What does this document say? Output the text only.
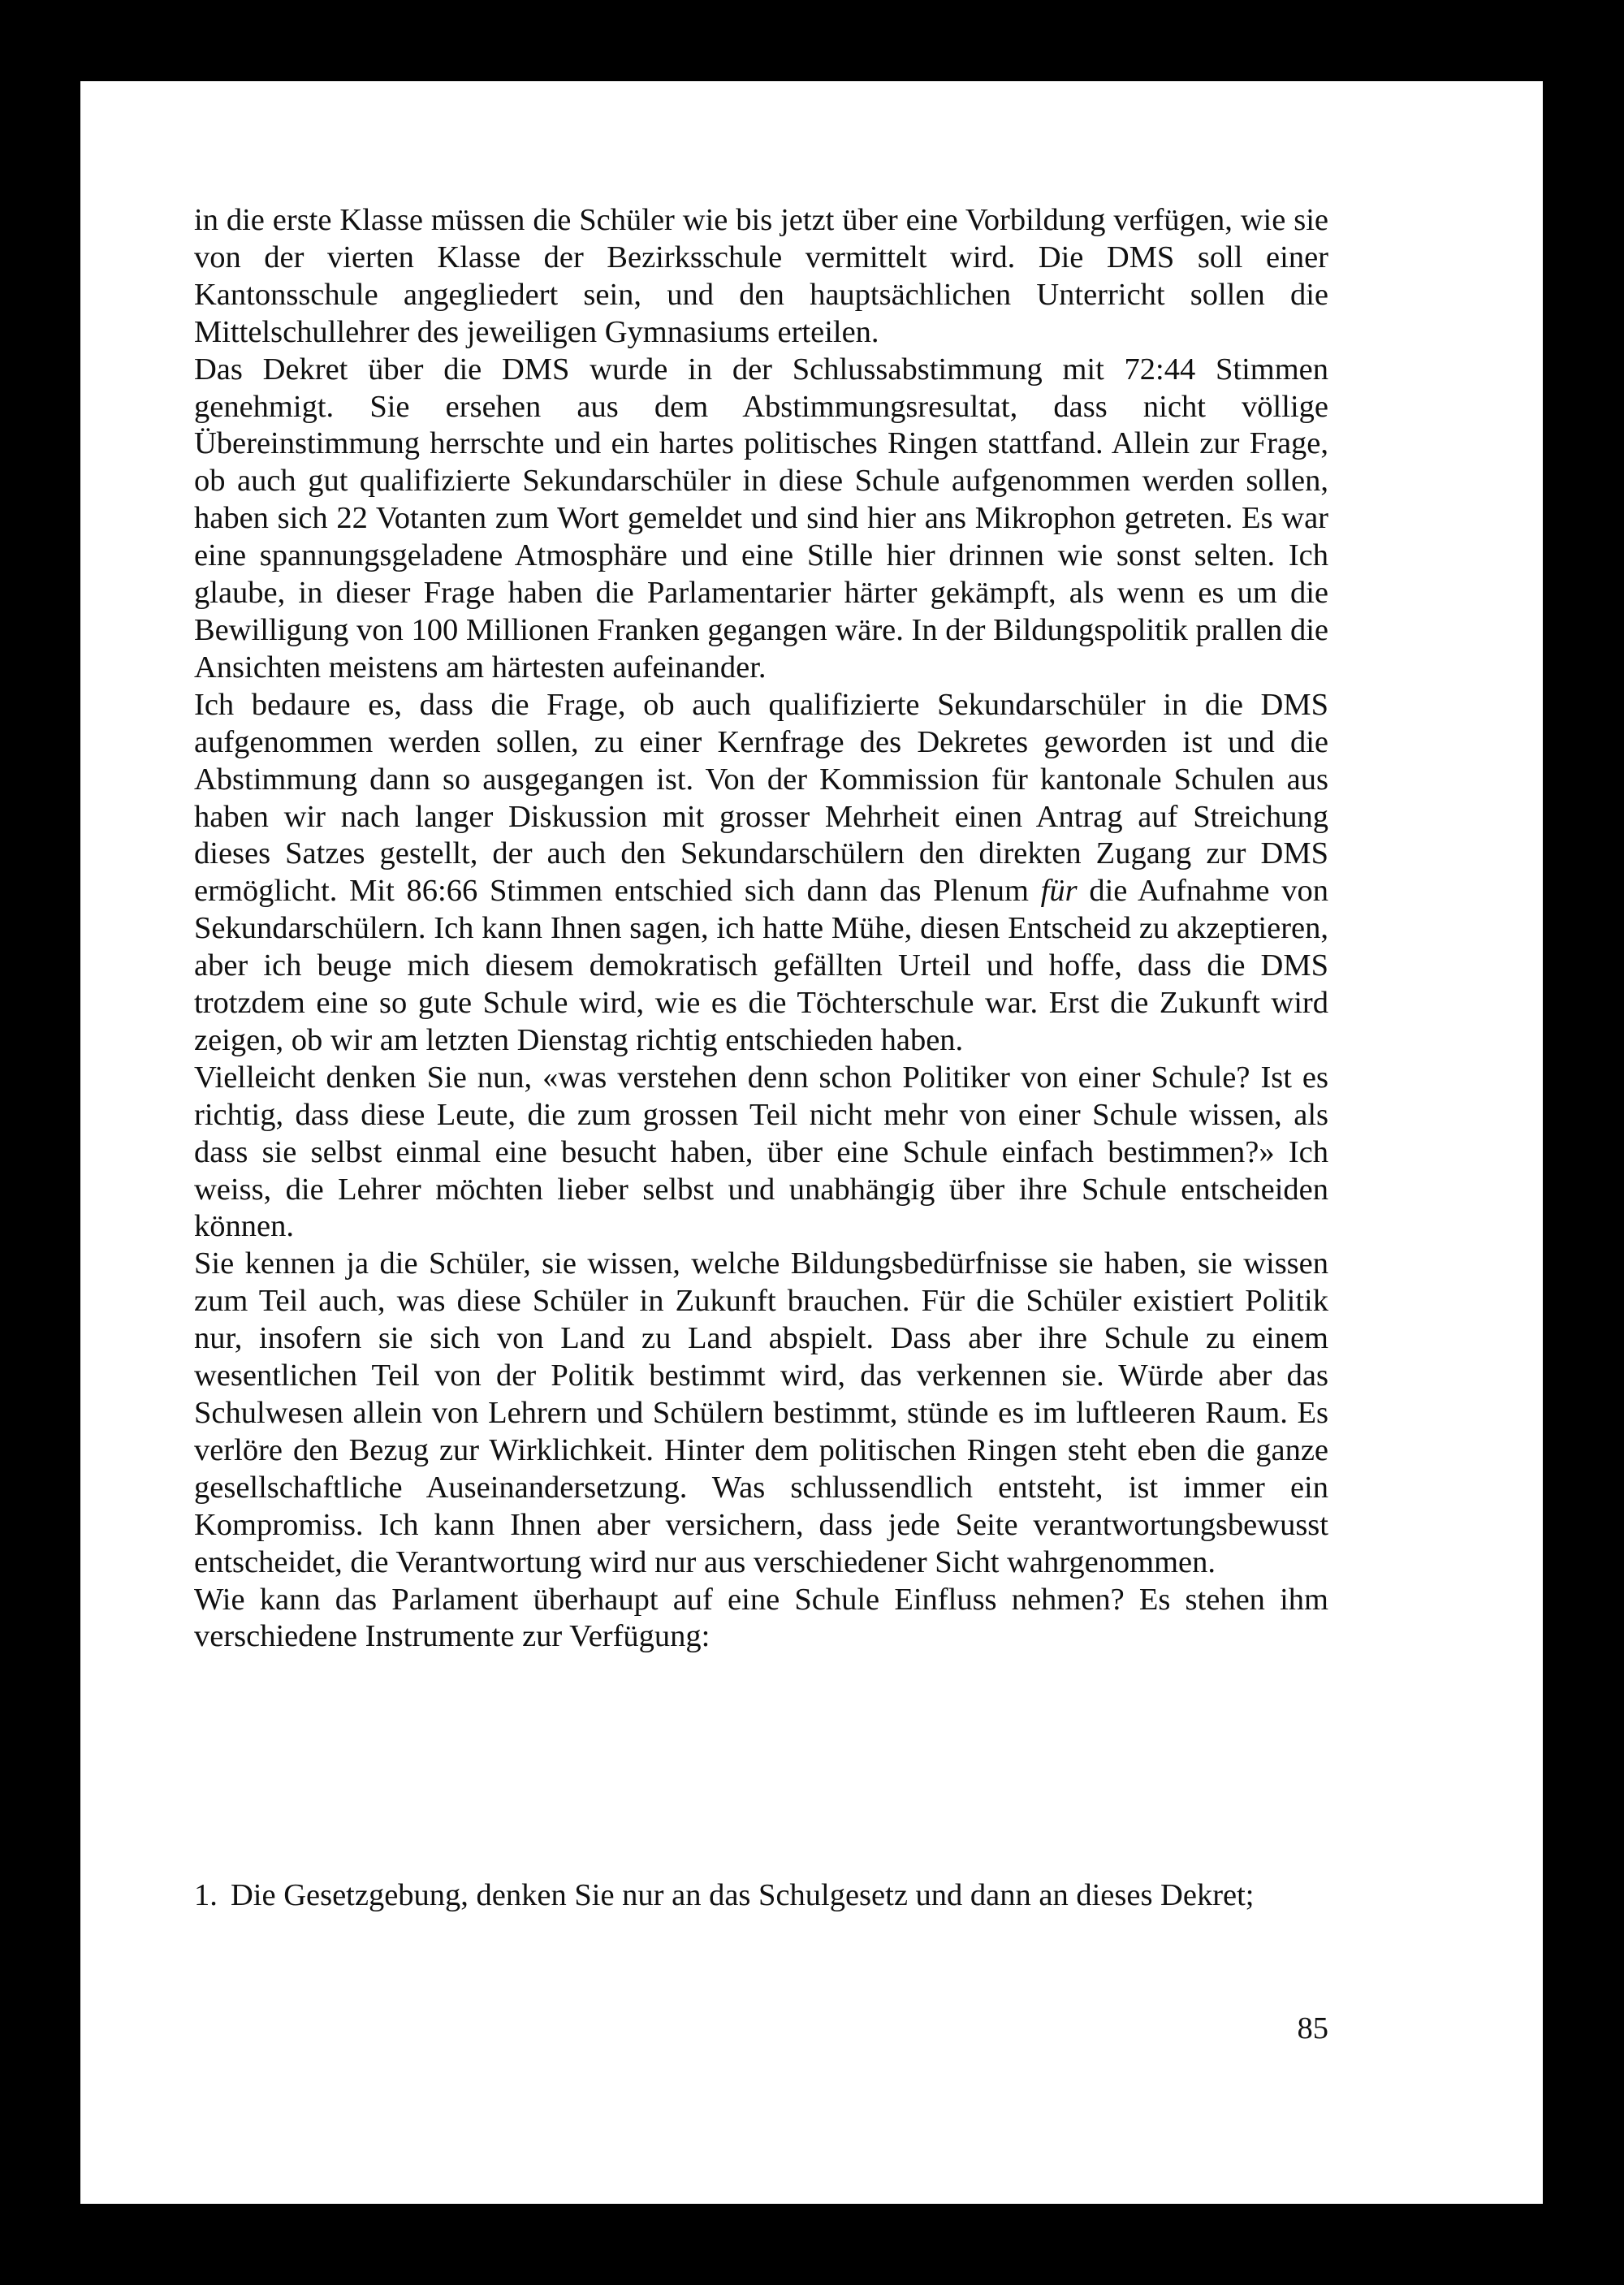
in die erste Klasse müssen die Schüler wie bis jetzt über eine Vorbildung verfügen, wie sie von der vierten Klasse der Bezirksschule vermittelt wird. Die DMS soll einer Kantonsschule angegliedert sein, und den hauptsächlichen Unterricht sollen die Mittelschullehrer des jeweiligen Gymnasiums erteilen.

Das Dekret über die DMS wurde in der Schlussabstimmung mit 72:44 Stimmen genehmigt. Sie ersehen aus dem Abstimmungsresultat, dass nicht völlige Übereinstimmung herrschte und ein hartes politisches Ringen stattfand. Allein zur Frage, ob auch gut qualifizierte Sekundarschüler in diese Schule aufgenommen werden sollen, haben sich 22 Votanten zum Wort gemeldet und sind hier ans Mikrophon getreten. Es war eine spannungsgeladene Atmosphäre und eine Stille hier drinnen wie sonst selten. Ich glaube, in dieser Frage haben die Parlamentarier härter gekämpft, als wenn es um die Bewilligung von 100 Millionen Franken gegangen wäre. In der Bildungspolitik prallen die Ansichten meistens am härtesten aufeinander.

Ich bedaure es, dass die Frage, ob auch qualifizierte Sekundarschüler in die DMS aufgenommen werden sollen, zu einer Kernfrage des Dekretes geworden ist und die Abstimmung dann so ausgegangen ist. Von der Kommission für kantonale Schulen aus haben wir nach langer Diskussion mit grosser Mehrheit einen Antrag auf Streichung dieses Satzes gestellt, der auch den Sekundarschülern den direkten Zugang zur DMS ermöglicht. Mit 86:66 Stimmen entschied sich dann das Plenum für die Aufnahme von Sekundarschülern. Ich kann Ihnen sagen, ich hatte Mühe, diesen Entscheid zu akzeptieren, aber ich beuge mich diesem demokratisch gefällten Urteil und hoffe, dass die DMS trotzdem eine so gute Schule wird, wie es die Töchterschule war. Erst die Zukunft wird zeigen, ob wir am letzten Dienstag richtig entschieden haben.

Vielleicht denken Sie nun, «was verstehen denn schon Politiker von einer Schule? Ist es richtig, dass diese Leute, die zum grossen Teil nicht mehr von einer Schule wissen, als dass sie selbst einmal eine besucht haben, über eine Schule einfach bestimmen?» Ich weiss, die Lehrer möchten lieber selbst und unabhängig über ihre Schule entscheiden können.

Sie kennen ja die Schüler, sie wissen, welche Bildungsbedürfnisse sie haben, sie wissen zum Teil auch, was diese Schüler in Zukunft brauchen. Für die Schüler existiert Politik nur, insofern sie sich von Land zu Land abspielt. Dass aber ihre Schule zu einem wesentlichen Teil von der Politik bestimmt wird, das verkennen sie. Würde aber das Schulwesen allein von Lehrern und Schülern bestimmt, stünde es im luftleeren Raum. Es verlöre den Bezug zur Wirklichkeit. Hinter dem politischen Ringen steht eben die ganze gesellschaftliche Auseinandersetzung. Was schlussendlich entsteht, ist immer ein Kompromiss. Ich kann Ihnen aber versichern, dass jede Seite verantwortungsbewusst entscheidet, die Verantwortung wird nur aus verschiedener Sicht wahrgenommen.

Wie kann das Parlament überhaupt auf eine Schule Einfluss nehmen? Es stehen ihm verschiedene Instrumente zur Verfügung:

1. Die Gesetzgebung, denken Sie nur an das Schulgesetz und dann an dieses Dekret;
85
